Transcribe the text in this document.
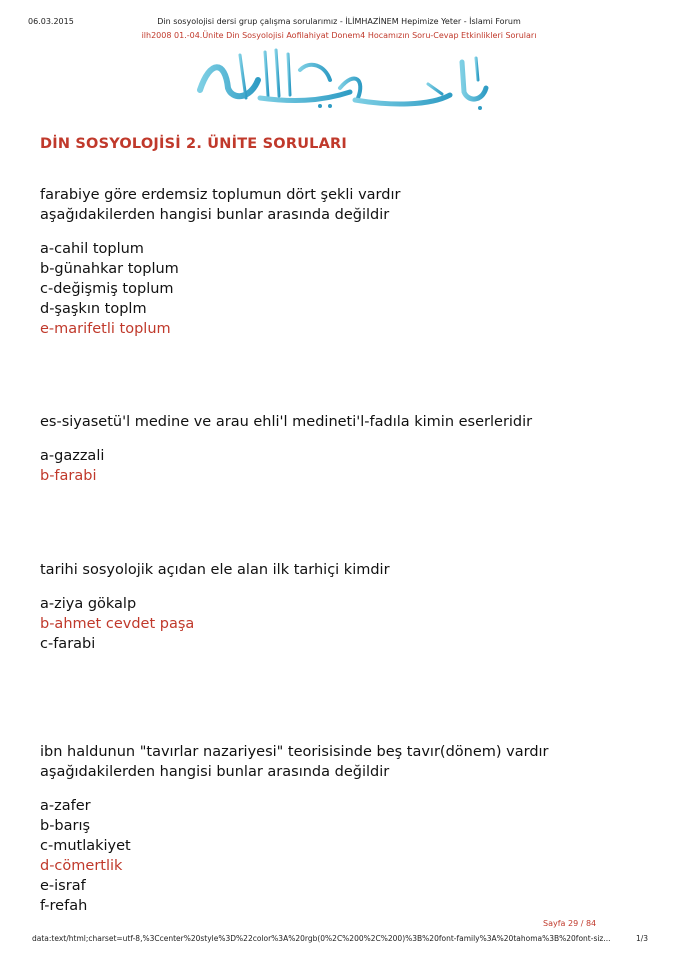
06.03.2015	Din sosyolojisi dersi grup çalışma sorularımız - İLİMHAZİNEM Hepimize Yeter - İslami Forum
ilh2008 01.-04.Ünite Din Sosyolojisi Aofilahiyat Donem4 Hocamızın Soru-Cevap Etkinlikleri Soruları
DİN SOSYOLOJİSİ 2. ÜNİTE SORULARI
farabiye göre erdemsiz toplumun dört şekli vardır
aşağıdakilerden hangisi bunlar arasında değildir
a-cahil toplum
b-günahkar toplum
c-değişmiş toplum
d-şaşkın toplm
e-marifetli toplum
es-siyasetü'l medine ve arau ehli'l medineti'l-fadıla kimin eserleridir
a-gazzali
b-farabi
tarihi sosyolojik açıdan ele alan ilk tarhiçi kimdir
a-ziya gökalp
b-ahmet cevdet paşa
c-farabi
ibn haldunun "tavırlar nazariyesi" teorisisinde beş tavır(dönem) vardır
aşağıdakilerden hangisi bunlar arasında değildir
a-zafer
b-barış
c-mutlakiyet
d-cömertlik
e-israf
f-refah
Sayfa 29 / 84
data:text/html;charset=utf-8,%3Ccenter%20style%3D%22color%3A%20rgb(0%2C%200%2C%200)%3B%20font-family%3A%20tahoma%3B%20font-siz...	1/3
